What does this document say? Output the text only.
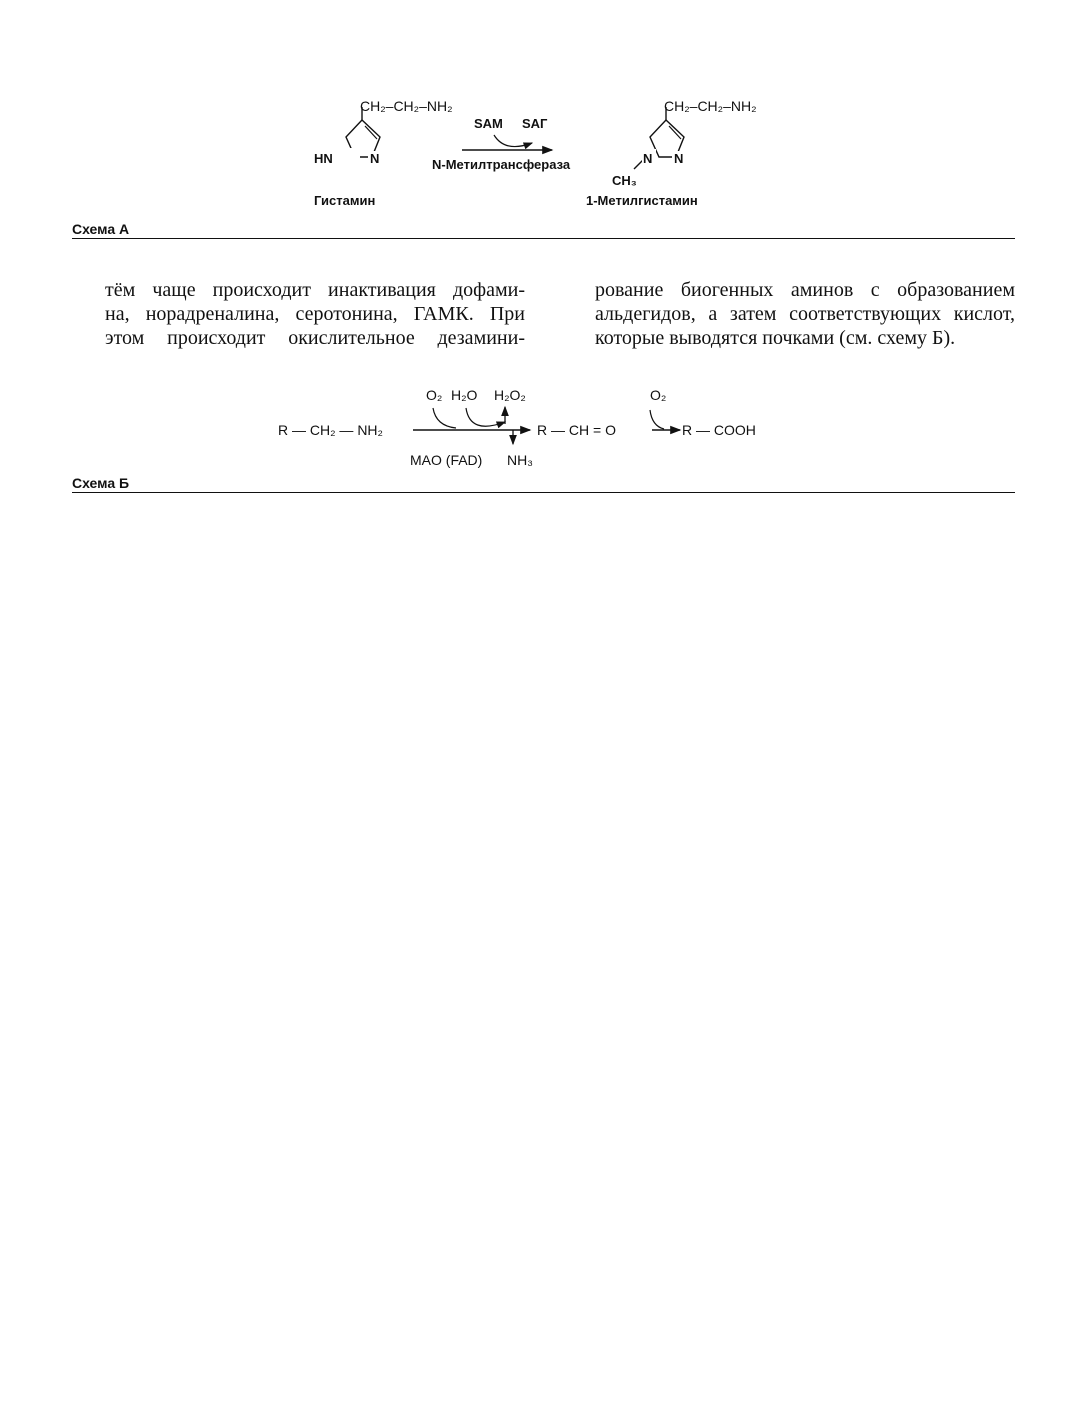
CH₂–CH₂–NH₂
HN	N
Гистамин
SAM SAГ
N-Метилтрансфераза
CH₂–CH₂–NH₂
N N
CH₃
1-Метилгистамин
Схема А
тём чаще происходит инактивация дофами-
на, норадреналина, серотонина, ГАМК. При
этом происходит окислительное дезамини-
рование биогенных аминов с образованием
альдегидов, а затем соответствующих кислот,
которые выводятся почками (см. схему Б).
R — CH₂ — NH₂
O₂ H₂O H₂O₂
MAO (FAD) NH₃
R — CH = O
O₂
R — COOH
Схема Б
